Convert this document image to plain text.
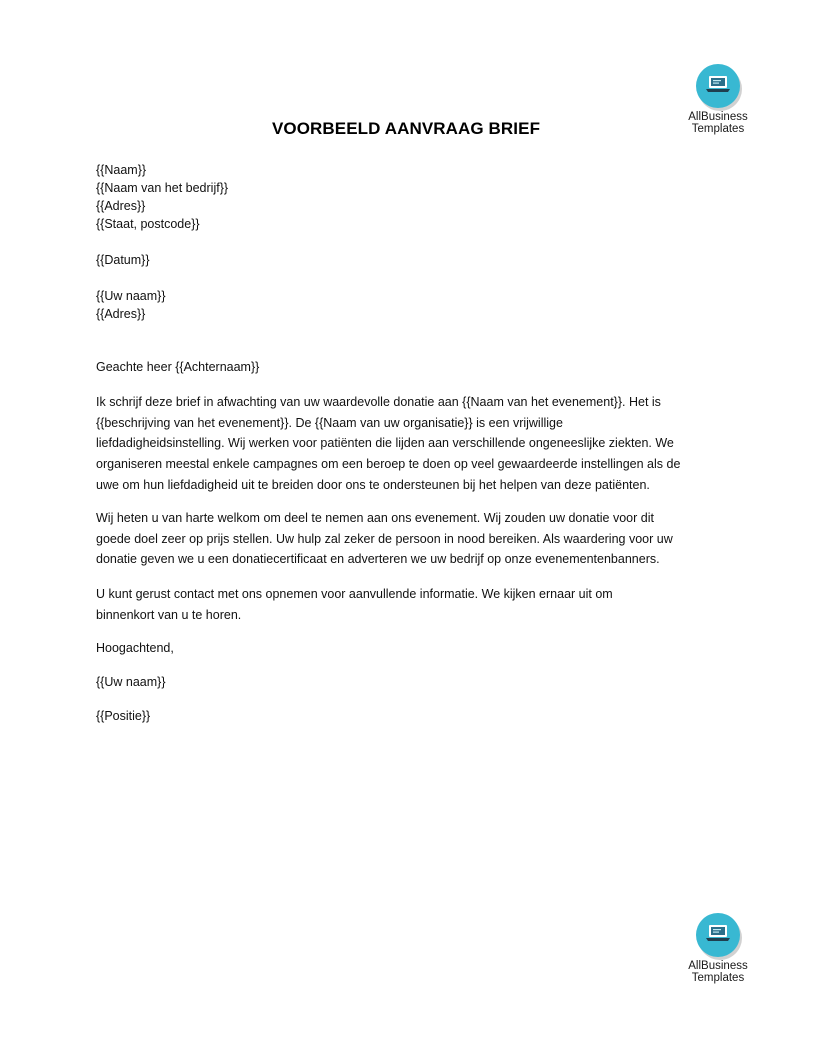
AllBusiness
Templates
VOORBEELD AANVRAAG BRIEF
{{Naam}}
{{Naam van het bedrijf}}
{{Adres}}
{{Staat, postcode}}
{{Datum}}
{{Uw naam}}
{{Adres}}
Geachte heer {{Achternaam}}
Ik schrijf deze brief in afwachting van uw waardevolle donatie aan {{Naam van het evenement}}. Het is
{{beschrijving van het evenement}}. De {{Naam van uw organisatie}} is een vrijwillige
liefdadigheidsinstelling. Wij werken voor patiënten die lijden aan verschillende ongeneeslijke ziekten. We
organiseren meestal enkele campagnes om een beroep te doen op veel gewaardeerde instellingen als de
uwe om hun liefdadigheid uit te breiden door ons te ondersteunen bij het helpen van deze patiënten.
Wij heten u van harte welkom om deel te nemen aan ons evenement. Wij zouden uw donatie voor dit
goede doel zeer op prijs stellen. Uw hulp zal zeker de persoon in nood bereiken. Als waardering voor uw
donatie geven we u een donatiecertificaat en adverteren we uw bedrijf op onze evenementenbanners.
U kunt gerust contact met ons opnemen voor aanvullende informatie. We kijken ernaar uit om
binnenkort van u te horen.
Hoogachtend,
{{Uw naam}}
{{Positie}}
AllBusiness
Templates
